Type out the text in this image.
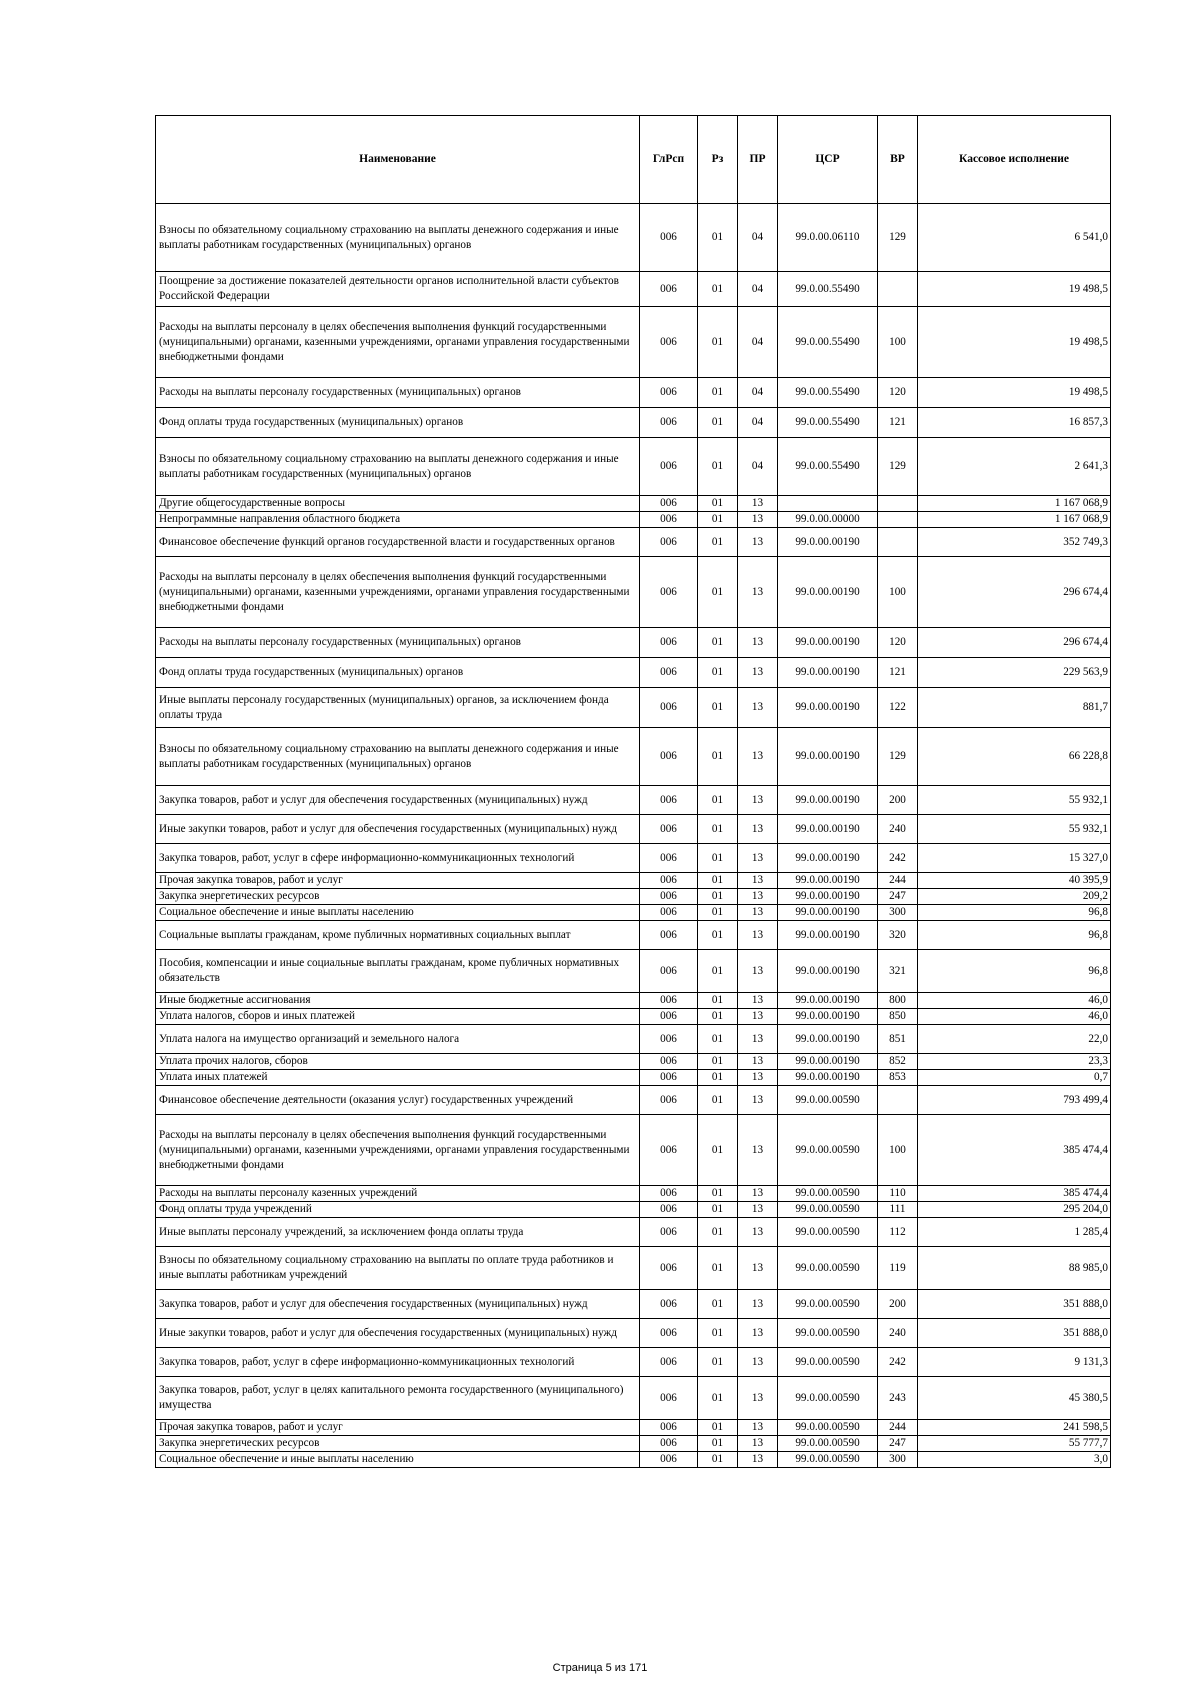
Наименование	ГлРсп	Рз	ПР	ЦСР	ВР	Кассовое исполнение
Взносы по обязательному социальному страхованию на выплаты денежного содержания и иные выплаты работникам государственных (муниципальных) органов	006	01	04	99.0.00.06110	129	6 541,0
Поощрение за достижение показателей деятельности органов исполнительной власти субъектов Российской Федерации	006	01	04	99.0.00.55490		19 498,5
Расходы на выплаты персоналу в целях обеспечения выполнения функций государственными (муниципальными) органами, казенными учреждениями, органами управления государственными внебюджетными фондами	006	01	04	99.0.00.55490	100	19 498,5
Расходы на выплаты персоналу государственных (муниципальных) органов	006	01	04	99.0.00.55490	120	19 498,5
Фонд оплаты труда государственных (муниципальных) органов	006	01	04	99.0.00.55490	121	16 857,3
Взносы по обязательному социальному страхованию на выплаты денежного содержания и иные выплаты работникам государственных (муниципальных) органов	006	01	04	99.0.00.55490	129	2 641,3
Другие общегосударственные вопросы	006	01	13			1 167 068,9
Непрограммные направления областного бюджета	006	01	13	99.0.00.00000		1 167 068,9
Финансовое обеспечение функций органов государственной власти и государственных органов	006	01	13	99.0.00.00190		352 749,3
Расходы на выплаты персоналу в целях обеспечения выполнения функций государственными (муниципальными) органами, казенными учреждениями, органами управления государственными внебюджетными фондами	006	01	13	99.0.00.00190	100	296 674,4
Расходы на выплаты персоналу государственных (муниципальных) органов	006	01	13	99.0.00.00190	120	296 674,4
Фонд оплаты труда государственных (муниципальных) органов	006	01	13	99.0.00.00190	121	229 563,9
Иные выплаты персоналу государственных (муниципальных) органов, за исключением фонда оплаты труда	006	01	13	99.0.00.00190	122	881,7
Взносы по обязательному социальному страхованию на выплаты денежного содержания и иные выплаты работникам государственных (муниципальных) органов	006	01	13	99.0.00.00190	129	66 228,8
Закупка товаров, работ и услуг для обеспечения государственных (муниципальных) нужд	006	01	13	99.0.00.00190	200	55 932,1
Иные закупки товаров, работ и услуг для обеспечения государственных (муниципальных) нужд	006	01	13	99.0.00.00190	240	55 932,1
Закупка товаров, работ, услуг в сфере информационно-коммуникационных технологий	006	01	13	99.0.00.00190	242	15 327,0
Прочая закупка товаров, работ и услуг	006	01	13	99.0.00.00190	244	40 395,9
Закупка энергетических ресурсов	006	01	13	99.0.00.00190	247	209,2
Социальное обеспечение и иные выплаты населению	006	01	13	99.0.00.00190	300	96,8
Социальные выплаты гражданам, кроме публичных нормативных социальных выплат	006	01	13	99.0.00.00190	320	96,8
Пособия, компенсации и иные социальные выплаты гражданам, кроме публичных нормативных обязательств	006	01	13	99.0.00.00190	321	96,8
Иные бюджетные ассигнования	006	01	13	99.0.00.00190	800	46,0
Уплата налогов, сборов и иных платежей	006	01	13	99.0.00.00190	850	46,0
Уплата налога на имущество организаций и земельного налога	006	01	13	99.0.00.00190	851	22,0
Уплата прочих налогов, сборов	006	01	13	99.0.00.00190	852	23,3
Уплата иных платежей	006	01	13	99.0.00.00190	853	0,7
Финансовое обеспечение деятельности (оказания услуг) государственных учреждений	006	01	13	99.0.00.00590		793 499,4
Расходы на выплаты персоналу в целях обеспечения выполнения функций государственными (муниципальными) органами, казенными учреждениями, органами управления государственными внебюджетными фондами	006	01	13	99.0.00.00590	100	385 474,4
Расходы на выплаты персоналу казенных учреждений	006	01	13	99.0.00.00590	110	385 474,4
Фонд оплаты труда учреждений	006	01	13	99.0.00.00590	111	295 204,0
Иные выплаты персоналу учреждений, за исключением фонда оплаты труда	006	01	13	99.0.00.00590	112	1 285,4
Взносы по обязательному социальному страхованию на выплаты по оплате труда работников и иные выплаты работникам учреждений	006	01	13	99.0.00.00590	119	88 985,0
Закупка товаров, работ и услуг для обеспечения государственных (муниципальных) нужд	006	01	13	99.0.00.00590	200	351 888,0
Иные закупки товаров, работ и услуг для обеспечения государственных (муниципальных) нужд	006	01	13	99.0.00.00590	240	351 888,0
Закупка товаров, работ, услуг в сфере информационно-коммуникационных технологий	006	01	13	99.0.00.00590	242	9 131,3
Закупка товаров, работ, услуг в целях капитального ремонта государственного (муниципального) имущества	006	01	13	99.0.00.00590	243	45 380,5
Прочая закупка товаров, работ и услуг	006	01	13	99.0.00.00590	244	241 598,5
Закупка энергетических ресурсов	006	01	13	99.0.00.00590	247	55 777,7
Социальное обеспечение и иные выплаты населению	006	01	13	99.0.00.00590	300	3,0
Страница 5 из 171
